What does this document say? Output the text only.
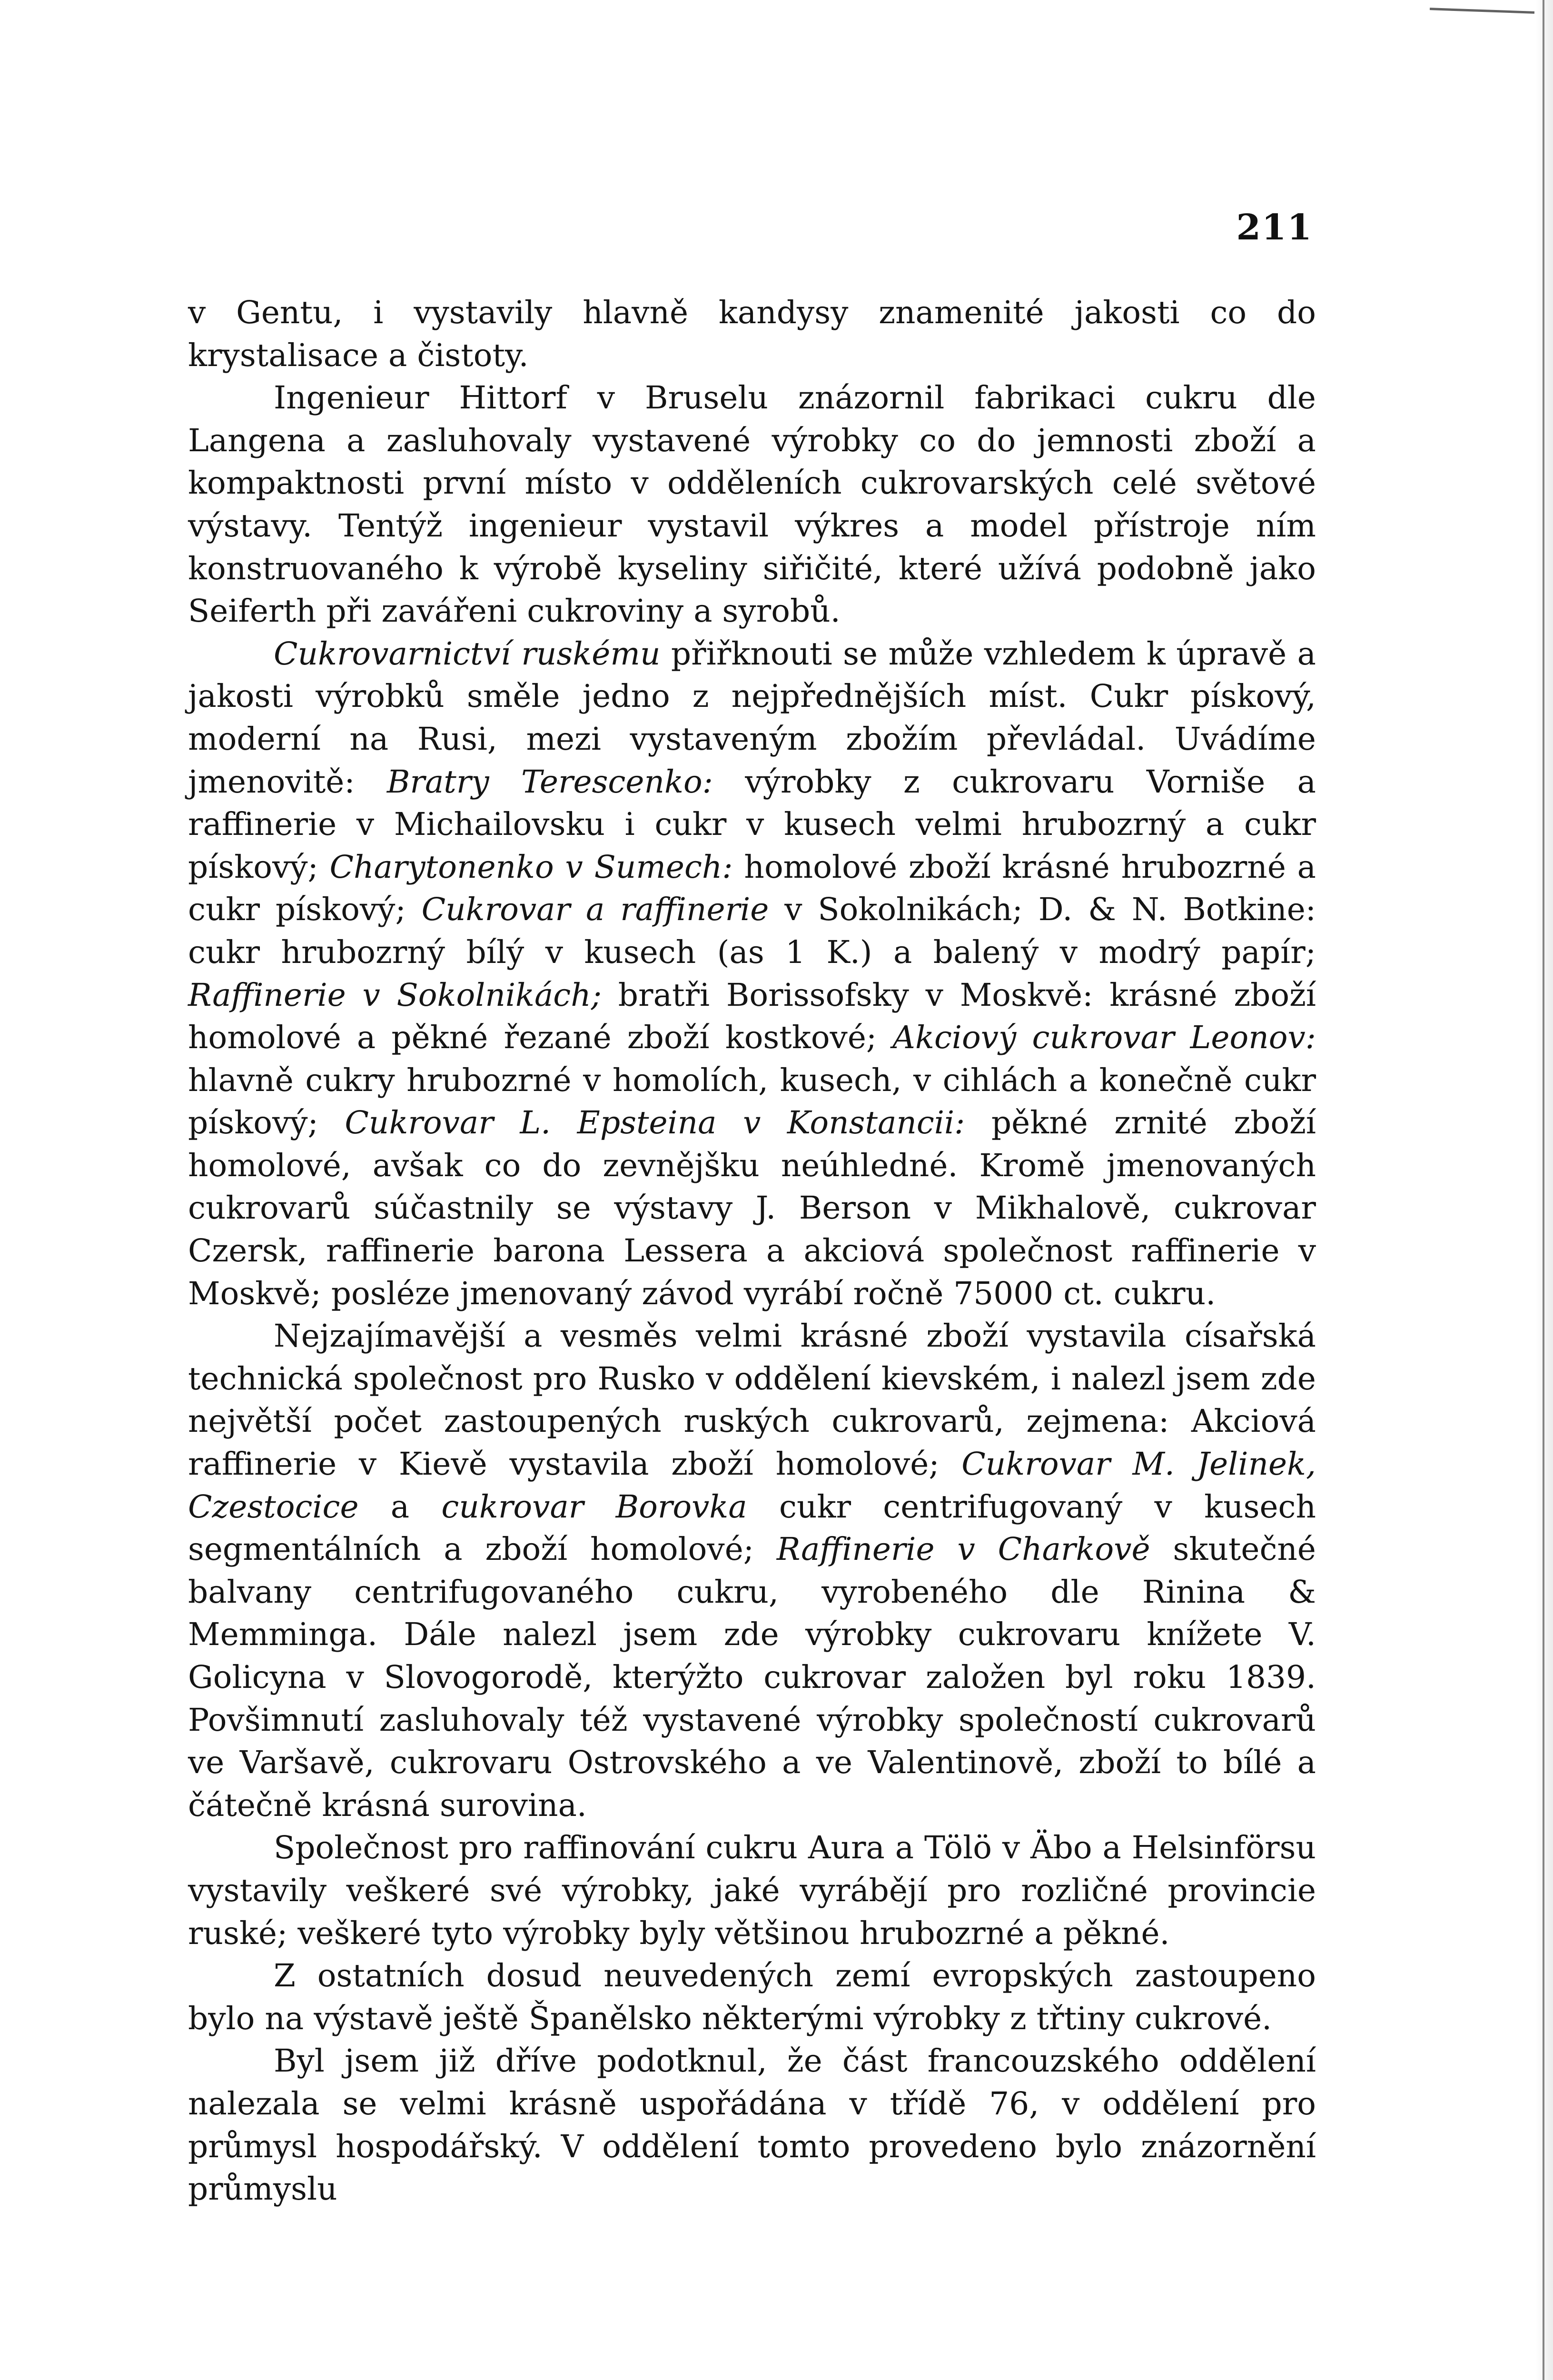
211

v Gentu, i vystavily hlavně kandysy znamenité jakosti co do krystalisace a čistoty.

Ingenieur Hittorf v Bruselu znázornil fabrikaci cukru dle Langena a zasluhovaly vystavené výrobky co do jemnosti zboží a kompaktnosti první místo v odděleních cukrovarských celé světové výstavy. Tentýž ingenieur vystavil výkres a model přístroje ním konstruovaného k výrobě kyseliny siřičité, které užívá podobně jako Seiferth při zavářeni cukroviny a syrobů.

Cukrovarnictví ruskému přiřknouti se může vzhledem k úpravě a jakosti výrobků směle jedno z nejpřednějších míst. Cukr pískový, moderní na Rusi, mezi vystaveným zbožím převládal. Uvádíme jmenovitě: Bratry Terescenko: výrobky z cukrovaru Vorniše a raffinerie v Michailovsku i cukr v kusech velmi hrubozrný a cukr pískový; Charytonenko v Sumech: homolové zboží krásné hrubozrné a cukr pískový; Cukrovar a raffinerie v Sokolnikách; D. & N. Botkine: cukr hrubozrný bílý v kusech (as 1 K.) a balený v modrý papír; Raffinerie v Sokolnikách; bratři Borissofsky v Moskvě: krásné zboží homolové a pěkné řezané zboží kostkové; Akciový cukrovar Leonov: hlavně cukry hrubozrné v homolích, kusech, v cihlách a konečně cukr pískový; Cukrovar L. Epsteina v Konstancii: pěkné zrnité zboží homolové, avšak co do zevnějšku neúhledné. Kromě jmenovaných cukrovarů súčastnily se výstavy J. Berson v Mikhalově, cukrovar Czersk, raffinerie barona Lessera a akciová společnost raffinerie v Moskvě; posléze jmenovaný závod vyrábí ročně 75000 ct. cukru.

Nejzajímavější a vesměs velmi krásné zboží vystavila císařská technická společnost pro Rusko v oddělení kievském, i nalezl jsem zde největší počet zastoupených ruských cukrovarů, zejmena: Akciová raffinerie v Kievě vystavila zboží homolové; Cukrovar M. Jelinek, Czestocice a cukrovar Borovka cukr centrifugovaný v kusech segmentálních a zboží homolové; Raffinerie v Charkově skutečné balvany centrifugovaného cukru, vyrobeného dle Rinina & Memminga. Dále nalezl jsem zde výrobky cukrovaru knížete V. Golicyna v Slovogorodě, kterýžto cukrovar založen byl roku 1839. Povšimnutí zasluhovaly též vystavené výrobky společností cukrovarů ve Varšavě, cukrovaru Ostrovského a ve Valentinově, zboží to bílé a čátečně krásná surovina.

Společnost pro raffinování cukru Aura a Tölö v Äbo a Helsinförsu vystavily veškeré své výrobky, jaké vyrábějí pro rozličné provincie ruské; veškeré tyto výrobky byly většinou hrubozrné a pěkné.

Z ostatních dosud neuvedených zemí evropských zastoupeno bylo na výstavě ještě Španělsko některými výrobky z třtiny cukrové.

Byl jsem již dříve podotknul, že část francouzského oddělení nalezala se velmi krásně uspořádána v třídě 76, v oddělení pro průmysl hospodářský. V oddělení tomto provedeno bylo znázornění průmyslu
